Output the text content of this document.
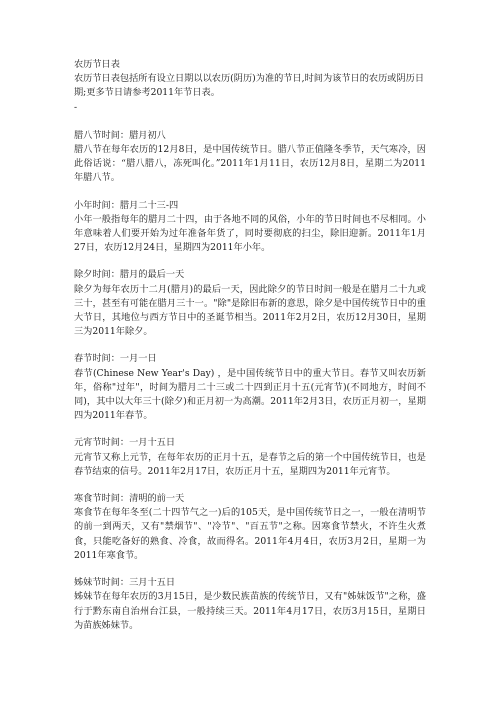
农历节日表

农历节日表包括所有设立日期以以农历(阴历)为准的节日,时间为该节日的农历或阴历日期;更多节日请参考2011年节日表。

-

腊八节时间：腊月初八

腊八节在每年农历的12月8日，是中国传统节日。腊八节正值隆冬季节，天气寒冷，因此俗话说：“腊八腊八，冻死叫化。”2011年1月11日，农历12月8日，星期二为2011年腊八节。

小年时间：腊月二十三-四

小年一般指每年的腊月二十四，由于各地不同的风俗，小年的节日时间也不尽相同。小年意味着人们要开始为过年准备年货了，同时要彻底的扫尘，除旧迎新。2011年1月27日，农历12月24日，星期四为2011年小年。

除夕时间：腊月的最后一天

除夕为每年农历十二月(腊月)的最后一天，因此除夕的节日时间一般是在腊月二十九或三十，甚至有可能在腊月三十一。"除"是除旧布新的意思，除夕是中国传统节日中的重大节日，其地位与西方节日中的圣诞节相当。2011年2月2日，农历12月30日，星期三为2011年除夕。

春节时间：一月一日

春节(Chinese New Year's Day) ，是中国传统节日中的重大节日。春节又叫农历新年，俗称"过年"，时间为腊月二十三或二十四到正月十五(元宵节)(不同地方，时间不同)，其中以大年三十(除夕)和正月初一为高潮。2011年2月3日，农历正月初一，星期四为2011年春节。

元宵节时间：一月十五日

元宵节又称上元节，在每年农历的正月十五，是春节之后的第一个中国传统节日，也是春节结束的信号。2011年2月17日，农历正月十五，星期四为2011年元宵节。

寒食节时间：清明的前一天

寒食节在每年冬至(二十四节气之一)后的105天，是中国传统节日之一，一般在清明节的前一到两天，又有"禁烟节"、"冷节"、"百五节"之称。因寒食节禁火，不许生火煮食，只能吃备好的熟食、冷食，故而得名。2011年4月4日，农历3月2日，星期一为2011年寒食节。

姊妹节时间：三月十五日

姊妹节在每年农历的3月15日，是少数民族苗族的传统节日，又有"姊妹饭节"之称，盛行于黔东南自治州台江县，一般持续三天。2011年4月17日，农历3月15日，星期日为苗族姊妹节。
